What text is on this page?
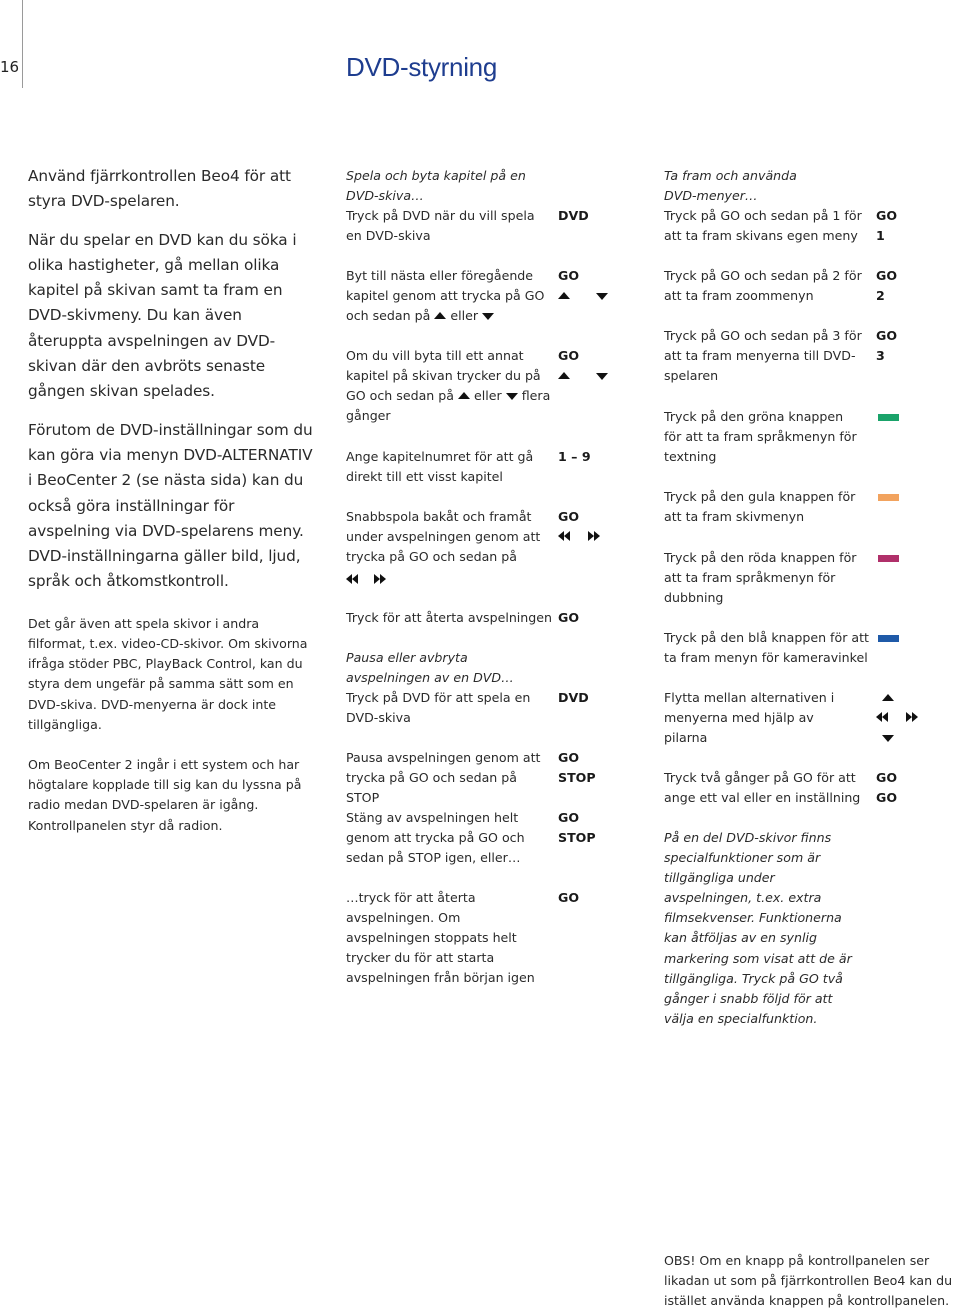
16	DVD-styrning

Använd fjärrkontrollen Beo4 för att styra DVD-spelaren.

När du spelar en DVD kan du söka i olika hastigheter, gå mellan olika kapitel på skivan samt ta fram en DVD-skivmeny. Du kan även återuppta avspelningen av DVD-skivan där den avbröts senaste gången skivan spelades.

Förutom de DVD-inställningar som du kan göra via menyn DVD-ALTERNATIV i BeoCenter 2 (se nästa sida) kan du också göra inställningar för avspelning via DVD-spelarens meny. DVD-inställningarna gäller bild, ljud, språk och åtkomstkontroll.

Det går även att spela skivor i andra filformat, t.ex. video-CD-skivor. Om skivorna ifråga stöder PBC, PlayBack Control, kan du styra dem ungefär på samma sätt som en DVD-skiva. DVD-menyerna är dock inte tillgängliga.

Om BeoCenter 2 ingår i ett system och har högtalare kopplade till sig kan du lyssna på radio medan DVD-spelaren är igång. Kontrollpanelen styr då radion.

Spela och byta kapitel på en
DVD-skiva…
Tryck på DVD när du vill spela en DVD-skiva
DVD
Byt till nästa eller föregående
kapitel genom att trycka på GO
och sedan på eller
GO

Om du vill byta till ett annat
kapitel på skivan trycker du på
GO och sedan på eller flera
gånger
GO

Ange kapitelnumret för att gå direkt till ett visst kapitel
1 – 9
Snabbspola bakåt och framåt under avspelningen genom att trycka på GO och sedan på

GO

Tryck för att återta avspelningen GO
Pausa eller avbryta
avspelningen av en DVD…
Tryck på DVD för att spela en DVD-skiva
DVD
Pausa avspelningen genom att trycka på GO och sedan på STOP
GO
STOP
Stäng av avspelningen helt genom att trycka på GO och sedan på STOP igen, eller…
GO
STOP
…tryck för att återta avspelningen. Om avspelningen stoppats helt trycker du för att starta avspelningen från början igen
GO
Ta fram och använda
DVD-menyer…
Tryck på GO och sedan på 1 för att ta fram skivans egen meny
GO
1
Tryck på GO och sedan på 2 för att ta fram zoommenyn
GO
2
Tryck på GO och sedan på 3 för att ta fram menyerna till DVD-spelaren
GO
3
Tryck på den gröna knappen för att ta fram språkmenyn för textning
Tryck på den gula knappen för att ta fram skivmenyn
Tryck på den röda knappen för att ta fram språkmenyn för dubbning
Tryck på den blå knappen för att ta fram menyn för kameravinkel
Flytta mellan alternativen i menyerna med hjälp av pilarna

Tryck två gånger på GO för att ange ett val eller en inställning
GO
GO
På en del DVD-skivor finns specialfunktioner som är tillgängliga under avspelningen, t.ex. extra filmsekvenser. Funktionerna kan åtföljas av en synlig markering som visat att de är tillgängliga. Tryck på GO två gånger i snabb följd för att välja en specialfunktion.

OBS! Om en knapp på kontrollpanelen ser likadan ut som på fjärrkontrollen Beo4 kan du istället använda knappen på kontrollpanelen.
